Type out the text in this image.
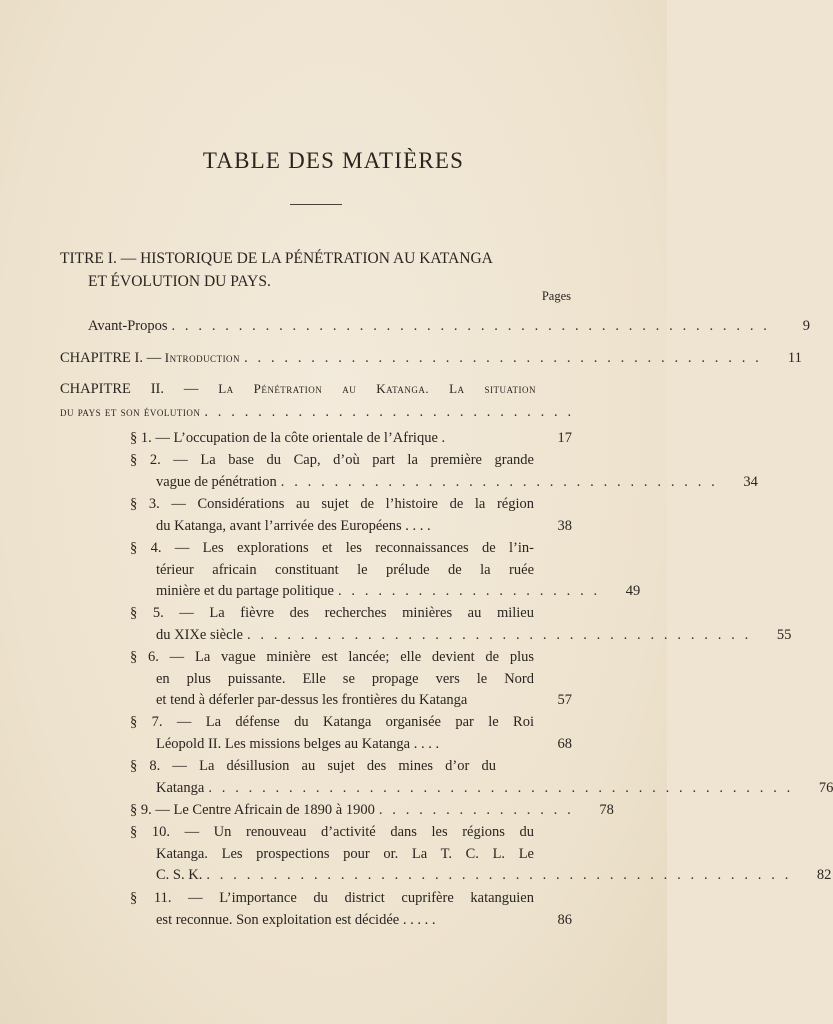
TABLE DES MATIÈRES
TITRE I. — HISTORIQUE DE LA PÉNÉTRATION AU KATANGA
ET ÉVOLUTION DU PAYS.
Pages
Avant-Propos . . . . . . . . . . . . . . . . . . . . . . . . . . . . . . . . . . . . . . . . . . . . .	9
CHAPITRE I. — Introduction . . . . . . . . . . . . . . . . . . . . . . . . . . . . . . . . . . . . . . .	11
CHAPITRE II. — La Pénétration au Katanga. La situation
du pays et son évolution . . . . . . . . . . . . . . . . . . . . . . . . . . . .
§ 1. — L’occupation de la côte orientale de l’Afrique .	17
§ 2. — La base du Cap, d’où part la première grande
vague de pénétration . . . . . . . . . . . . . . . . . . . . . . . . . . . . . . . . .	34
§ 3. — Considérations au sujet de l’histoire de la région
du Katanga, avant l’arrivée des Européens . . . .	38
§ 4. — Les explorations et les reconnaissances de l’in-
térieur africain constituant le prélude de la ruée
minière et du partage politique . . . . . . . . . . . . . . . . . . . .	49
§ 5. — La fièvre des recherches minières au milieu
du XIXe siècle . . . . . . . . . . . . . . . . . . . . . . . . . . . . . . . . . . . . . .	55
§ 6. — La vague minière est lancée; elle devient de plus
en plus puissante. Elle se propage vers le Nord
et tend à déferler par-dessus les frontières du Katanga	57
§ 7. — La défense du Katanga organisée par le Roi
Léopold II. Les missions belges au Katanga . . . .	68
§ 8. — La désillusion au sujet des mines d’or du
Katanga . . . . . . . . . . . . . . . . . . . . . . . . . . . . . . . . . . . . . . . . . . . .	76
§ 9. — Le Centre Africain de 1890 à 1900 . . . . . . . . . . . . . . .	78
§ 10. — Un renouveau d’activité dans les régions du
Katanga. Les prospections pour or. La T. C. L. Le
C. S. K. . . . . . . . . . . . . . . . . . . . . . . . . . . . . . . . . . . . . . . . . . . . .	82
§ 11. — L’importance du district cuprifère katanguien
est reconnue. Son exploitation est décidée . . . . .	86
